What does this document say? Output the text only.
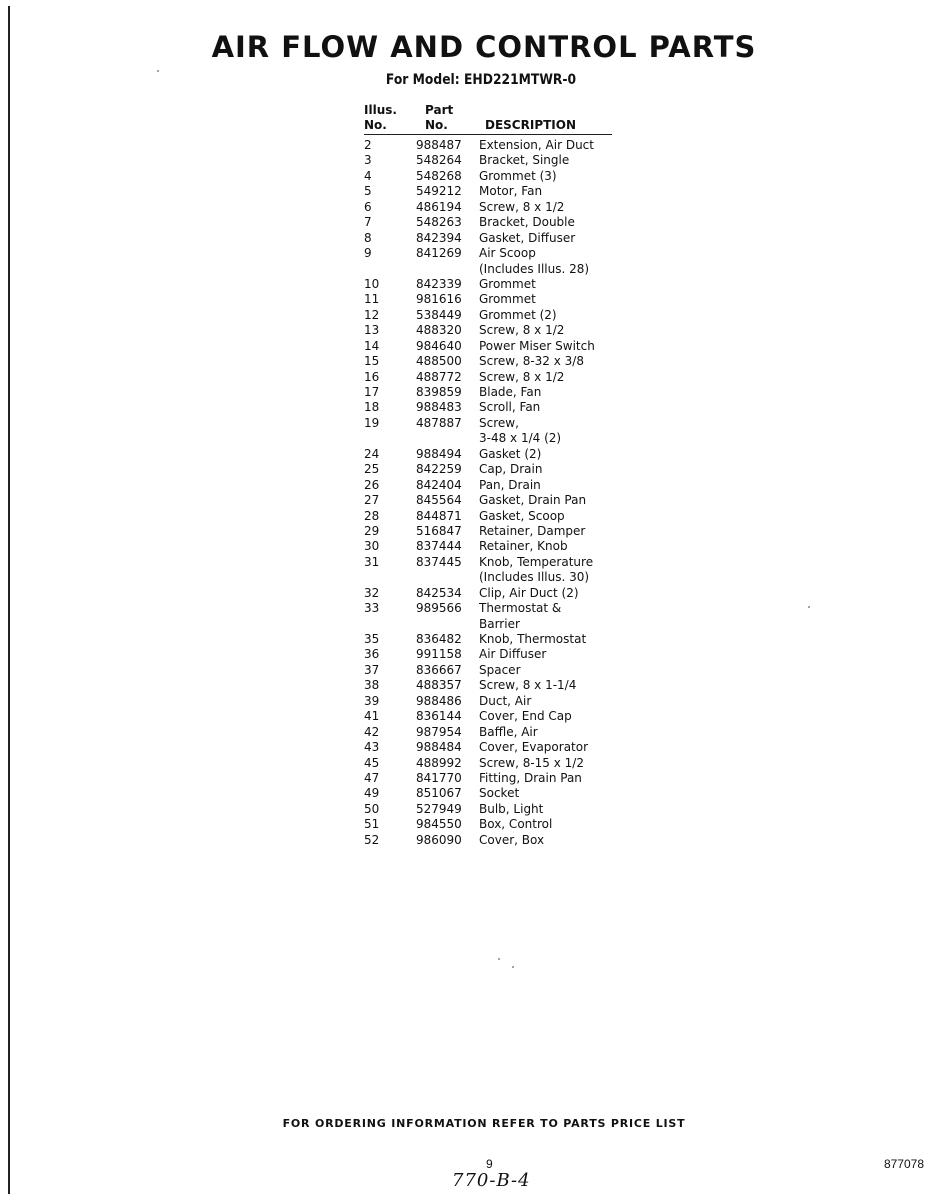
AIR FLOW AND CONTROL PARTS
For Model: EHD221MTWR-0
Illus.
No.
Part
No.	DESCRIPTION
2	988487 Extension, Air Duct
3	548264 Bracket, Single
4	548268 Grommet (3)
5	549212 Motor, Fan
6	486194 Screw, 8 x 1/2
7	548263 Bracket, Double
8	842394 Gasket, Diffuser
9	841269 Air Scoop
(Includes Illus. 28)
10	842339 Grommet
11	981616 Grommet
12	538449 Grommet (2)
13	488320 Screw, 8 x 1/2
14	984640 Power Miser Switch
15	488500 Screw, 8-32 x 3/8
16	488772 Screw, 8 x 1/2
17	839859 Blade, Fan
18	988483 Scroll, Fan
19	487887 Screw,
3-48 x 1/4 (2)
24	988494 Gasket (2)
25	842259 Cap, Drain
26	842404 Pan, Drain
27	845564 Gasket, Drain Pan
28	844871 Gasket, Scoop
29	516847 Retainer, Damper
30	837444 Retainer, Knob
31	837445 Knob, Temperature
(Includes Illus. 30)
32	842534 Clip, Air Duct (2)
33	989566 Thermostat &
Barrier
35	836482 Knob, Thermostat
36	991158 Air Diffuser
37	836667 Spacer
38	488357 Screw, 8 x 1-1/4
39	988486 Duct, Air
41	836144 Cover, End Cap
42	987954 Baffle, Air
43	988484 Cover, Evaporator
45	488992 Screw, 8-15 x 1/2
47	841770 Fitting, Drain Pan
49	851067 Socket
50	527949 Bulb, Light
51	984550 Box, Control
52	986090 Cover, Box
FOR ORDERING INFORMATION REFER TO PARTS PRICE LIST
9	877078
770-B-4
